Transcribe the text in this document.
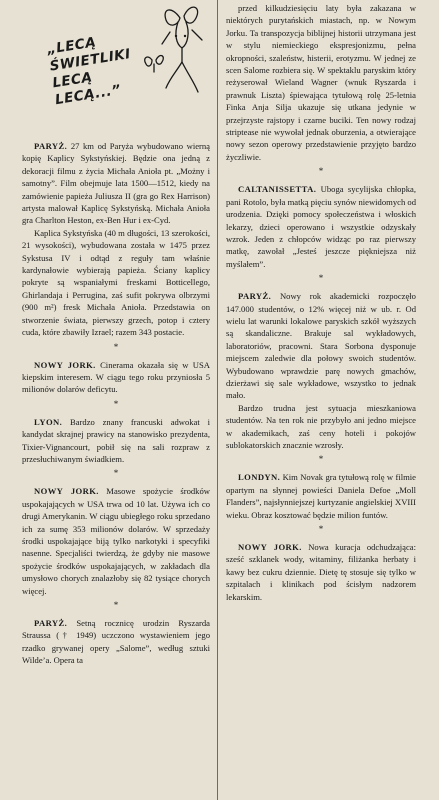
„LECĄ ŚWIETLIKI
LECĄ
LECĄ...”

PARYŻ. 27 km od Paryża wybudowano wierną kopię Kaplicy Sykstyńskiej. Będzie ona jedną z dekoracji filmu z życia Michała Anioła pt. „Możny i samotny”. Film obejmuje lata 1500—1512, kiedy na zamówienie papieża Juliusza II (gra go Rex Harrison) artysta malował Kaplicę Sykstyńską. Michała Anioła gra Charlton Heston, ex-Ben Hur i ex-Cyd.

Kaplica Sykstyńska (40 m długości, 13 szerokości, 21 wysokości), wybudowana została w 1475 przez Sykstusa IV i odtąd z reguły tam właśnie kardynałowie wybierają papieża. Ściany kaplicy pokryte są wspaniałymi freskami Botticellego, Ghirlandaja i Perrugina, zaś sufit pokrywa olbrzymi (900 m²) fresk Michała Anioła. Przedstawia on stworzenie świata, pierwszy grzech, potop i cztery cuda, które zbawiły Izrael; razem 343 postacie.

*

NOWY JORK. Cinerama okazała się w USA kiepskim interesem. W ciągu tego roku przyniosła 5 milionów dolarów deficytu.

*

LYON. Bardzo znany francuski adwokat i kandydat skrajnej prawicy na stanowisko prezydenta, Tixier-Vignancourt, pobił się na sali rozpraw z przesłuchiwanym świadkiem.

*

NOWY JORK. Masowe spożycie środków uspokajających w USA trwa od 10 lat. Używa ich co drugi Amerykanin. W ciągu ubiegłego roku sprzedano ich za sumę 353 milionów dolarów. W sprzedaży środki uspokajające biją tylko narkotyki i specyfiki nasenne. Specjaliści twierdzą, że gdyby nie masowe spożycie środków uspokajających, w zakładach dla umysłowo chorych znalazłoby się 82 tysiące chorych więcej.

*

PARYŻ. Setną rocznicę urodzin Ryszarda Straussa († 1949) uczczono wystawieniem jego rzadko grywanej opery „Salome”, według sztuki Wilde’a. Opera ta

przed kilkudziesięciu laty była zakazana w niektórych purytańskich miastach, np. w Nowym Jorku. Ta transpozycja biblijnej historii utrzymana jest w stylu niemieckiego ekspresjonizmu, pełna okropności, szaleństw, histerii, erotyzmu. W jednej ze scen Salome rozbiera się. W spektaklu paryskim który reżyserował Wieland Wagner (wnuk Ryszarda i prawnuk Liszta) śpiewająca tytułową rolę 25-letnia Finka Anja Silja ukazuje się utkana jedynie w przejrzyste rajstopy i czarne buciki. Ten nowy rodzaj striptease nie wywołał jednak oburzenia, a otwierające nowy sezon operowy przedstawienie przyjęto bardzo życzliwie.

*

CALTANISSETTA. Uboga sycylijska chłopka, pani Rotolo, była matką pięciu synów niewidomych od urodzenia. Dzięki pomocy społeczeństwa i włoskich lekarzy, dzieci operowano i wszystkie odzyskały wzrok. Jeden z chłopców widząc po raz pierwszy matkę, zawołał „Jesteś jeszcze piękniejsza niż myślałem”.

*

PARYŻ. Nowy rok akademicki rozpoczęło 147.000 studentów, o 12% więcej niż w ub. r. Od wielu lat warunki lokalowe paryskich szkół wyższych są skandaliczne. Brakuje sal wykładowych, laboratoriów, pracowni. Stara Sorbona dysponuje miejscem zaledwie dla połowy swoich studentów. Wybudowano wprawdzie parę nowych gmachów, dzierżawi się sale wykładowe, wszystko to jednak mało.

Bardzo trudna jest sytuacja mieszkaniowa studentów. Na ten rok nie przybyło ani jedno miejsce w akademikach, zaś ceny hoteli i pokojów sublokatorskich znacznie wzrosły.

*

LONDYN. Kim Novak gra tytułową rolę w filmie opartym na słynnej powieści Daniela Defoe „Moll Flanders”, najsłynniejszej kurtyzanie angielskiej XVIII wieku. Obraz kosztować będzie milion funtów.

*

NOWY JORK. Nowa kuracja odchudzająca: sześć szklanek wody, witaminy, filiżanka herbaty i kawy bez cukru dziennie. Dietę tę stosuje się tylko w szpitalach i klinikach pod ścisłym nadzorem lekarskim.
